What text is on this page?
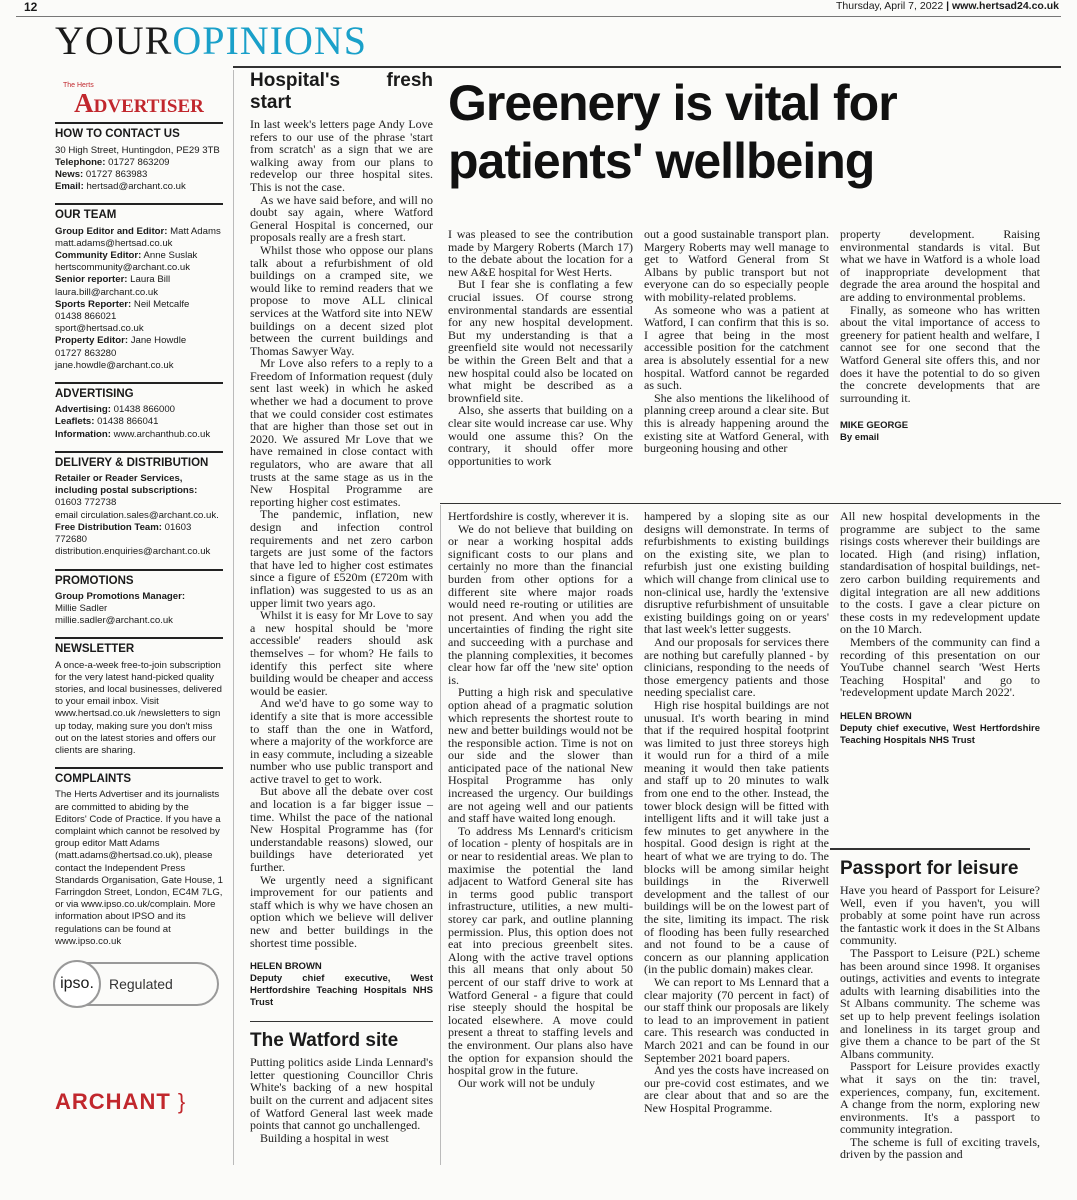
12	Thursday, April 7, 2022 | www.hertsad24.co.uk
YOUROPINIONS
The Herts
Advertiser
HOW TO CONTACT US

30 High Street, Huntingdon, PE29 3TB

Telephone: 01727 863209

News: 01727 863983

Email: hertsad@archant.co.uk

OUR TEAM

Group Editor and Editor: Matt Adams

matt.adams@hertsad.co.uk

Community Editor: Anne Suslak

hertscommunity@archant.co.uk

Senior reporter: Laura Bill

laura.bill@archant.co.uk

Sports Reporter: Neil Metcalfe

01438 866021

sport@hertsad.co.uk

Property Editor: Jane Howdle

01727 863280

jane.howdle@archant.co.uk

ADVERTISING

Advertising: 01438 866000

Leaflets: 01438 866041

Information: www.archanthub.co.uk

DELIVERY & DISTRIBUTION

Retailer or Reader Services, including postal subscriptions: 01603 772738

email circulation.sales@archant.co.uk.

Free Distribution Team: 01603 772680

distribution.enquiries@archant.co.uk

PROMOTIONS

Group Promotions Manager:

Millie Sadler

millie.sadler@archant.co.uk

NEWSLETTER

A once-a-week free-to-join subscription for the very latest hand-picked quality stories, and local businesses, delivered to your email inbox. Visit www.hertsad.co.uk /newsletters to sign up today, making sure you don't miss out on the latest stories and offers our clients are sharing.

COMPLAINTS

The Herts Advertiser and its journalists are committed to abiding by the Editors' Code of Practice. If you have a complaint which cannot be resolved by group editor Matt Adams (matt.adams@hertsad.co.uk), please contact the Independent Press Standards Organisation, Gate House, 1 Farringdon Street, London, EC4M 7LG, or via www.ipso.co.uk/complain. More information about IPSO and its regulations can be found at www.ipso.co.uk

ipso.	Regulated
ARCHANT }
Hospital's fresh start

In last week's letters page Andy Love refers to our use of the phrase 'start from scratch' as a sign that we are walking away from our plans to redevelop our three hospital sites. This is not the case.

As we have said before, and will no doubt say again, where Watford General Hospital is concerned, our proposals really are a fresh start.

Whilst those who oppose our plans talk about a refurbishment of old buildings on a cramped site, we would like to remind readers that we propose to move ALL clinical services at the Watford site into NEW buildings on a decent sized plot between the current buildings and Thomas Sawyer Way.

Mr Love also refers to a reply to a Freedom of Information request (duly sent last week) in which he asked whether we had a document to prove that we could consider cost estimates that are higher than those set out in 2020. We assured Mr Love that we have remained in close contact with regulators, who are aware that all trusts at the same stage as us in the New Hospital Programme are reporting higher cost estimates.

The pandemic, inflation, new design and infection control requirements and net zero carbon targets are just some of the factors that have led to higher cost estimates since a figure of £520m (£720m with inflation) was suggested to us as an upper limit two years ago.

Whilst it is easy for Mr Love to say a new hospital should be 'more accessible' readers should ask themselves – for whom? He fails to identify this perfect site where building would be cheaper and access would be easier.

And we'd have to go some way to identify a site that is more accessible to staff than the one in Watford, where a majority of the workforce are in easy commute, including a sizeable number who use public transport and active travel to get to work.

But above all the debate over cost and location is a far bigger issue – time. Whilst the pace of the national New Hospital Programme has (for understandable reasons) slowed, our buildings have deteriorated yet further.

We urgently need a significant improvement for our patients and staff which is why we have chosen an option which we believe will deliver new and better buildings in the shortest time possible.

HELEN BROWN
Deputy chief executive, West Hertfordshire Teaching Hospitals NHS Trust
The Watford site

Putting politics aside Linda Lennard's letter questioning Councillor Chris White's backing of a new hospital built on the current and adjacent sites of Watford General last week made points that cannot go unchallenged.

Building a hospital in west

Greenery is vital for patients' wellbeing

I was pleased to see the contribution made by Margery Roberts (March 17) to the debate about the location for a new A&E hospital for West Herts.

But I fear she is conflating a few crucial issues. Of course strong environmental standards are essential for any new hospital development. But my understanding is that a greenfield site would not necessarily be within the Green Belt and that a new hospital could also be located on what might be described as a brownfield site.

Also, she asserts that building on a clear site would increase car use. Why would one assume this? On the contrary, it should offer more opportunities to work

out a good sustainable transport plan. Margery Roberts may well manage to get to Watford General from St Albans by public transport but not everyone can do so especially people with mobility-related problems.

As someone who was a patient at Watford, I can confirm that this is so. I agree that being in the most accessible position for the catchment area is absolutely essential for a new hospital. Watford cannot be regarded as such.

She also mentions the likelihood of planning creep around a clear site. But this is already happening around the existing site at Watford General, with burgeoning housing and other

property development. Raising environmental standards is vital. But what we have in Watford is a whole load of inappropriate development that degrade the area around the hospital and are adding to environmental problems.

Finally, as someone who has written about the vital importance of access to greenery for patient health and welfare, I cannot see for one second that the Watford General site offers this, and nor does it have the potential to do so given the concrete developments that are surrounding it.

MIKE GEORGE
By email

Hertfordshire is costly, wherever it is.

We do not believe that building on or near a working hospital adds significant costs to our plans and certainly no more than the financial burden from other options for a different site where major roads would need re-routing or utilities are not present. And when you add the uncertainties of finding the right site and succeeding with a purchase and the planning complexities, it becomes clear how far off the 'new site' option is.

Putting a high risk and speculative option ahead of a pragmatic solution which represents the shortest route to new and better buildings would not be the responsible action. Time is not on our side and the slower than anticipated pace of the national New Hospital Programme has only increased the urgency. Our buildings are not ageing well and our patients and staff have waited long enough.

To address Ms Lennard's criticism of location - plenty of hospitals are in or near to residential areas. We plan to maximise the potential the land adjacent to Watford General site has in terms good public transport infrastructure, utilities, a new multi-storey car park, and outline planning permission. Plus, this option does not eat into precious greenbelt sites. Along with the active travel options this all means that only about 50 percent of our staff drive to work at Watford General - a figure that could rise steeply should the hospital be located elsewhere. A move could present a threat to staffing levels and the environment. Our plans also have the option for expansion should the hospital grow in the future.

Our work will not be unduly

hampered by a sloping site as our designs will demonstrate. In terms of refurbishments to existing buildings on the existing site, we plan to refurbish just one existing building which will change from clinical use to non-clinical use, hardly the 'extensive disruptive refurbishment of unsuitable existing buildings going on or years' that last week's letter suggests.

And our proposals for services there are nothing but carefully planned - by clinicians, responding to the needs of those emergency patients and those needing specialist care.

High rise hospital buildings are not unusual. It's worth bearing in mind that if the required hospital footprint was limited to just three storeys high it would run for a third of a mile meaning it would then take patients and staff up to 20 minutes to walk from one end to the other. Instead, the tower block design will be fitted with intelligent lifts and it will take just a few minutes to get anywhere in the hospital. Good design is right at the heart of what we are trying to do. The blocks will be among similar height buildings in the Riverwell development and the tallest of our buildings will be on the lowest part of the site, limiting its impact. The risk of flooding has been fully researched and not found to be a cause of concern as our planning application (in the public domain) makes clear.

We can report to Ms Lennard that a clear majority (70 percent in fact) of our staff think our proposals are likely to lead to an improvement in patient care. This research was conducted in March 2021 and can be found in our September 2021 board papers.

And yes the costs have increased on our pre-covid cost estimates, and we are clear about that and so are the New Hospital Programme.

All new hospital developments in the programme are subject to the same risings costs wherever their buildings are located. High (and rising) inflation, standardisation of hospital buildings, net-zero carbon building requirements and digital integration are all new additions to the costs. I gave a clear picture on these costs in my redevelopment update on the 10 March.

Members of the community can find a recording of this presentation on our YouTube channel search 'West Herts Teaching Hospital' and go to 'redevelopment update March 2022'.

HELEN BROWN
Deputy chief executive, West Hertfordshire Teaching Hospitals NHS Trust
Passport for leisure

Have you heard of Passport for Leisure? Well, even if you haven't, you will probably at some point have run across the fantastic work it does in the St Albans community.

The Passport to Leisure (P2L) scheme has been around since 1998. It organises outings, activities and events to integrate adults with learning disabilities into the St Albans community. The scheme was set up to help prevent feelings isolation and loneliness in its target group and give them a chance to be part of the St Albans community.

Passport for Leisure provides exactly what it says on the tin: travel, experiences, company, fun, excitement. A change from the norm, exploring new environments. It's a passport to community integration.

The scheme is full of exciting travels, driven by the passion and
